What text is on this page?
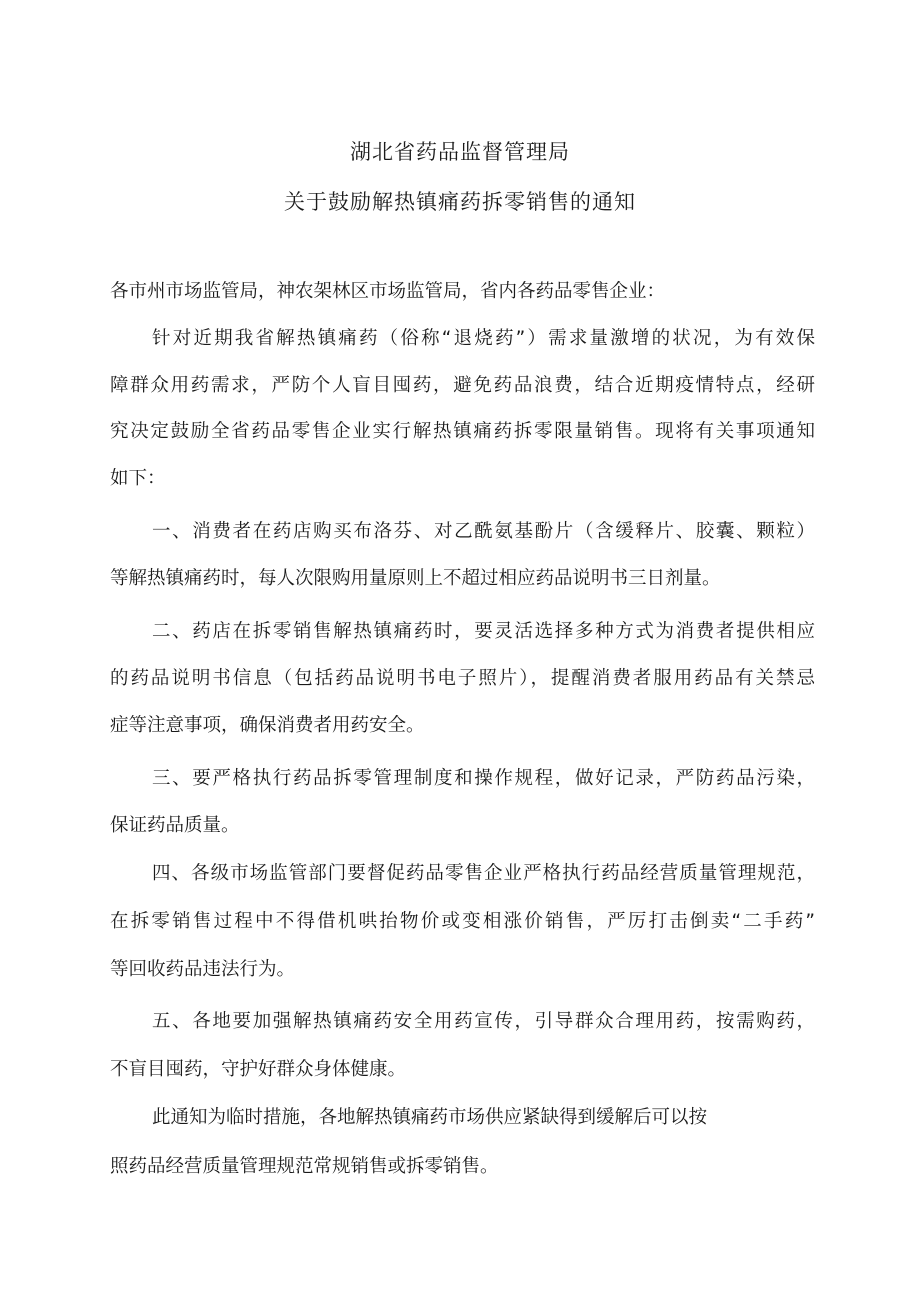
湖北省药品监督管理局
关于鼓励解热镇痛药拆零销售的通知
各市州市场监管局，神农架林区市场监管局，省内各药品零售企业：
针对近期我省解热镇痛药（俗称“退烧药”）需求量激增的状况，为有效保
障群众用药需求，严防个人盲目囤药，避免药品浪费，结合近期疫情特点，经研
究决定鼓励全省药品零售企业实行解热镇痛药拆零限量销售。现将有关事项通知
如下：
一、消费者在药店购买布洛芬、对乙酰氨基酚片（含缓释片、胶囊、颗粒）
等解热镇痛药时，每人次限购用量原则上不超过相应药品说明书三日剂量。
二、药店在拆零销售解热镇痛药时，要灵活选择多种方式为消费者提供相应
的药品说明书信息（包括药品说明书电子照片），提醒消费者服用药品有关禁忌
症等注意事项，确保消费者用药安全。
三、要严格执行药品拆零管理制度和操作规程，做好记录，严防药品污染，
保证药品质量。
四、各级市场监管部门要督促药品零售企业严格执行药品经营质量管理规范，
在拆零销售过程中不得借机哄抬物价或变相涨价销售，严厉打击倒卖“二手药”
等回收药品违法行为。
五、各地要加强解热镇痛药安全用药宣传，引导群众合理用药，按需购药，
不盲目囤药，守护好群众身体健康。
此通知为临时措施，各地解热镇痛药市场供应紧缺得到缓解后可以按
照药品经营质量管理规范常规销售或拆零销售。
